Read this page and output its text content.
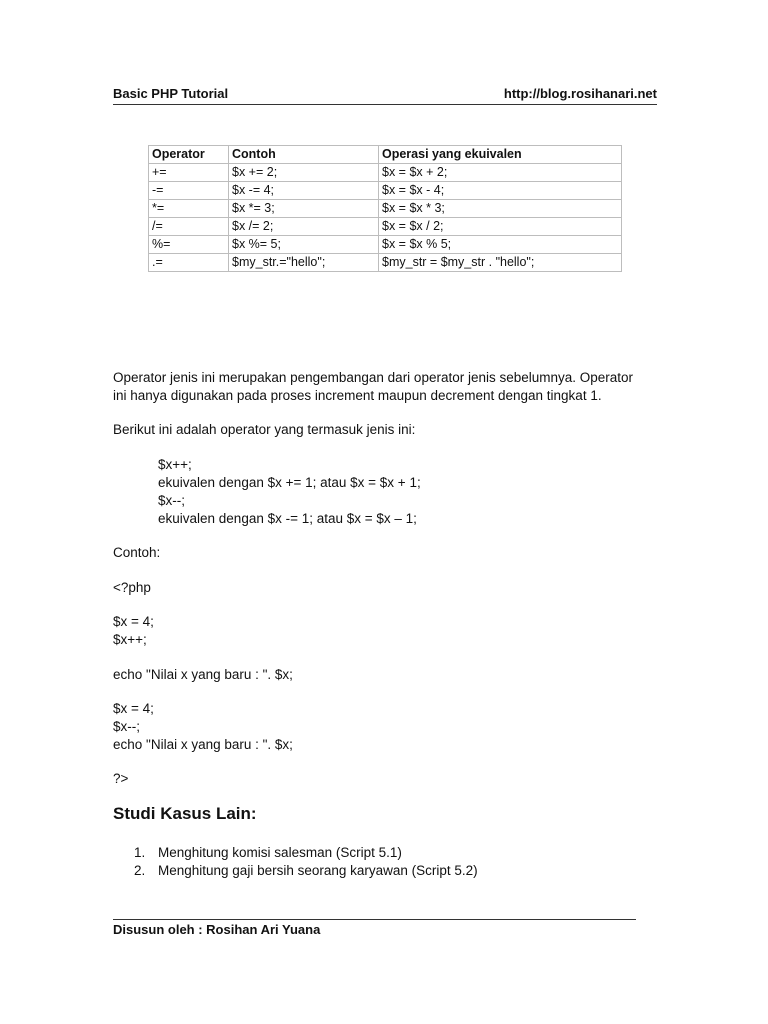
Basic PHP Tutorial	http://blog.rosihanari.net
Operator	Contoh	Operasi yang ekuivalen
+=	$x += 2;	$x = $x + 2;
-=	$x -= 4;	$x = $x - 4;
*=	$x *= 3;	$x = $x * 3;
/=	$x /= 2;	$x = $x / 2;
%=	$x %= 5;	$x = $x % 5;
.=	$my_str.="hello";	$my_str = $my_str . "hello";
Operator jenis ini merupakan pengembangan dari operator jenis sebelumnya. Operator
ini hanya digunakan pada proses increment maupun decrement dengan tingkat 1.
Berikut ini adalah operator yang termasuk jenis ini:
$x++;
ekuivalen dengan $x += 1; atau $x = $x + 1;
$x--;
ekuivalen dengan $x -= 1; atau $x = $x – 1;
Contoh:
<?php
$x = 4;
$x++;
echo "Nilai x yang baru : ". $x;
$x = 4;
$x--;
echo "Nilai x yang baru : ". $x;
?>
Studi Kasus Lain:
1. Menghitung komisi salesman (Script 5.1)
2. Menghitung gaji bersih seorang karyawan (Script 5.2)
Disusun oleh : Rosihan Ari Yuana
